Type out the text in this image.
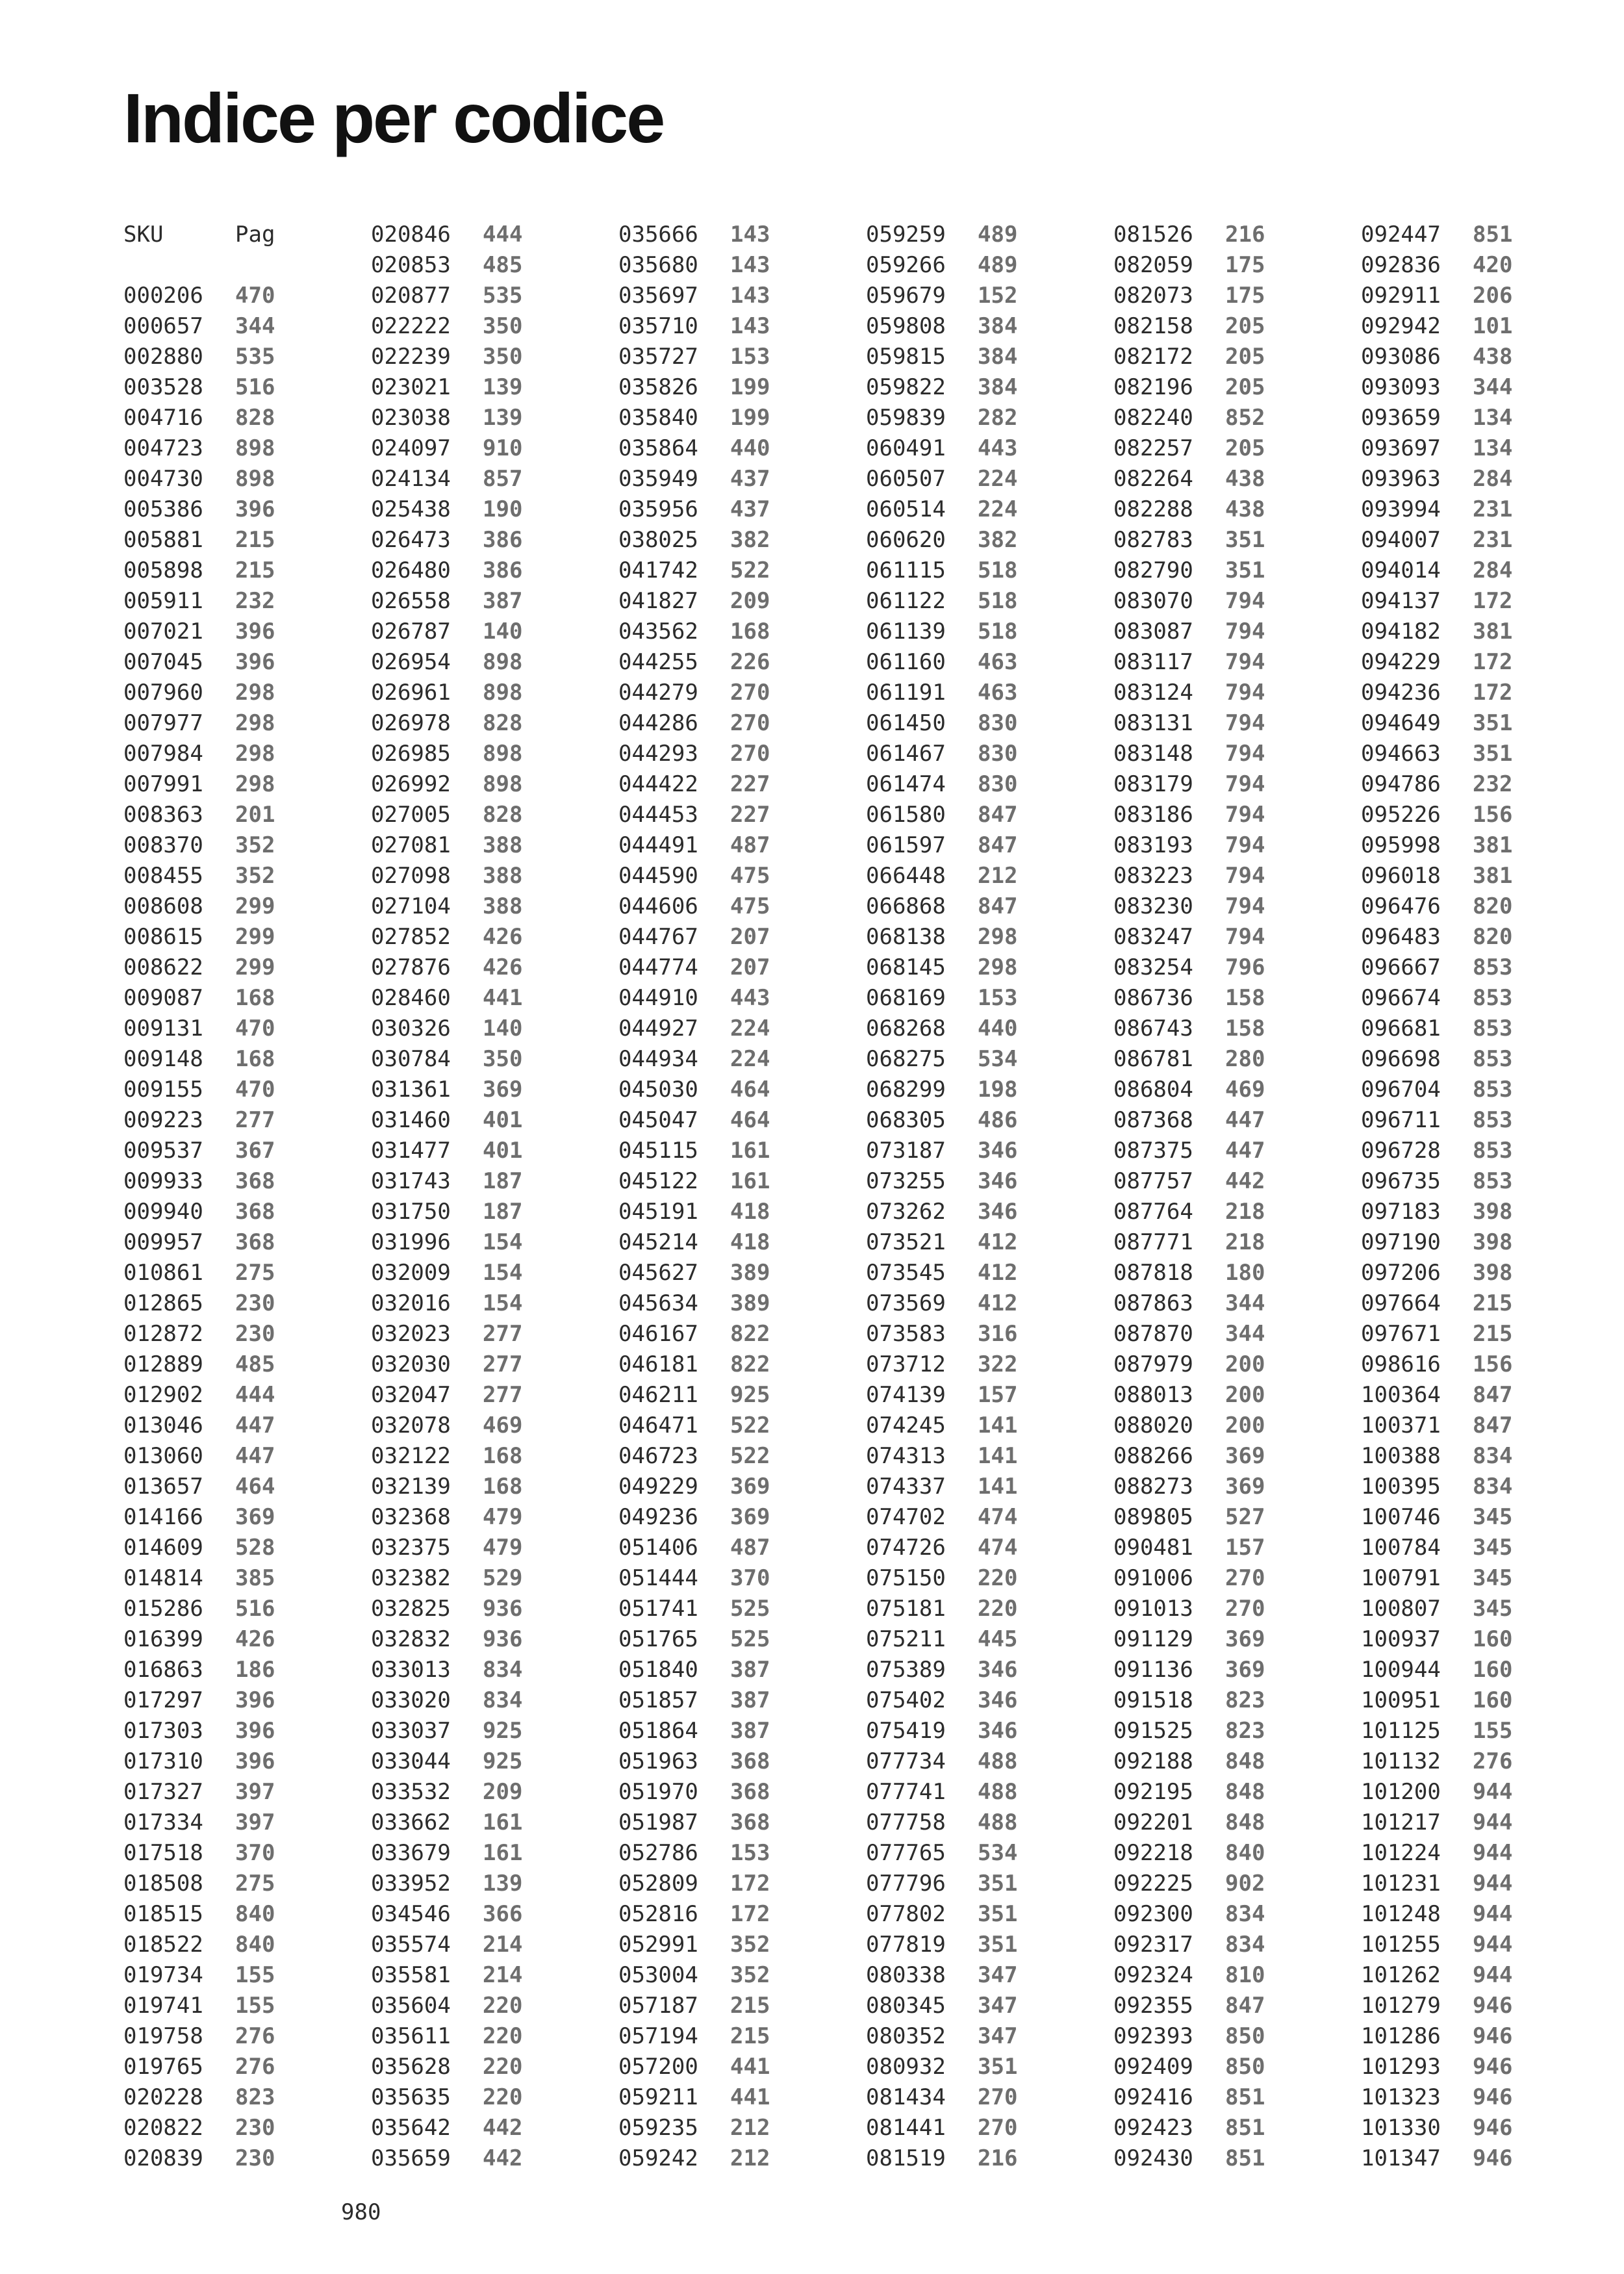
Indice per codice
SKU	Pag
000206	470
000657	344
002880	535
003528	516
004716	828
004723	898
004730	898
005386	396
005881	215
005898	215
005911	232
007021	396
007045	396
007960	298
007977	298
007984	298
007991	298
008363	201
008370	352
008455	352
008608	299
008615	299
008622	299
009087	168
009131	470
009148	168
009155	470
009223	277
009537	367
009933	368
009940	368
009957	368
010861	275
012865	230
012872	230
012889	485
012902	444
013046	447
013060	447
013657	464
014166	369
014609	528
014814	385
015286	516
016399	426
016863	186
017297	396
017303	396
017310	396
017327	397
017334	397
017518	370
018508	275
018515	840
018522	840
019734	155
019741	155
019758	276
019765	276
020228	823
020822	230
020839	230
020846	444
020853	485
020877	535
022222	350
022239	350
023021	139
023038	139
024097	910
024134	857
025438	190
026473	386
026480	386
026558	387
026787	140
026954	898
026961	898
026978	828
026985	898
026992	898
027005	828
027081	388
027098	388
027104	388
027852	426
027876	426
028460	441
030326	140
030784	350
031361	369
031460	401
031477	401
031743	187
031750	187
031996	154
032009	154
032016	154
032023	277
032030	277
032047	277
032078	469
032122	168
032139	168
032368	479
032375	479
032382	529
032825	936
032832	936
033013	834
033020	834
033037	925
033044	925
033532	209
033662	161
033679	161
033952	139
034546	366
035574	214
035581	214
035604	220
035611	220
035628	220
035635	220
035642	442
035659	442
035666	143
035680	143
035697	143
035710	143
035727	153
035826	199
035840	199
035864	440
035949	437
035956	437
038025	382
041742	522
041827	209
043562	168
044255	226
044279	270
044286	270
044293	270
044422	227
044453	227
044491	487
044590	475
044606	475
044767	207
044774	207
044910	443
044927	224
044934	224
045030	464
045047	464
045115	161
045122	161
045191	418
045214	418
045627	389
045634	389
046167	822
046181	822
046211	925
046471	522
046723	522
049229	369
049236	369
051406	487
051444	370
051741	525
051765	525
051840	387
051857	387
051864	387
051963	368
051970	368
051987	368
052786	153
052809	172
052816	172
052991	352
053004	352
057187	215
057194	215
057200	441
059211	441
059235	212
059242	212
059259	489
059266	489
059679	152
059808	384
059815	384
059822	384
059839	282
060491	443
060507	224
060514	224
060620	382
061115	518
061122	518
061139	518
061160	463
061191	463
061450	830
061467	830
061474	830
061580	847
061597	847
066448	212
066868	847
068138	298
068145	298
068169	153
068268	440
068275	534
068299	198
068305	486
073187	346
073255	346
073262	346
073521	412
073545	412
073569	412
073583	316
073712	322
074139	157
074245	141
074313	141
074337	141
074702	474
074726	474
075150	220
075181	220
075211	445
075389	346
075402	346
075419	346
077734	488
077741	488
077758	488
077765	534
077796	351
077802	351
077819	351
080338	347
080345	347
080352	347
080932	351
081434	270
081441	270
081519	216
081526	216
082059	175
082073	175
082158	205
082172	205
082196	205
082240	852
082257	205
082264	438
082288	438
082783	351
082790	351
083070	794
083087	794
083117	794
083124	794
083131	794
083148	794
083179	794
083186	794
083193	794
083223	794
083230	794
083247	794
083254	796
086736	158
086743	158
086781	280
086804	469
087368	447
087375	447
087757	442
087764	218
087771	218
087818	180
087863	344
087870	344
087979	200
088013	200
088020	200
088266	369
088273	369
089805	527
090481	157
091006	270
091013	270
091129	369
091136	369
091518	823
091525	823
092188	848
092195	848
092201	848
092218	840
092225	902
092300	834
092317	834
092324	810
092355	847
092393	850
092409	850
092416	851
092423	851
092430	851
092447	851
092836	420
092911	206
092942	101
093086	438
093093	344
093659	134
093697	134
093963	284
093994	231
094007	231
094014	284
094137	172
094182	381
094229	172
094236	172
094649	351
094663	351
094786	232
095226	156
095998	381
096018	381
096476	820
096483	820
096667	853
096674	853
096681	853
096698	853
096704	853
096711	853
096728	853
096735	853
097183	398
097190	398
097206	398
097664	215
097671	215
098616	156
100364	847
100371	847
100388	834
100395	834
100746	345
100784	345
100791	345
100807	345
100937	160
100944	160
100951	160
101125	155
101132	276
101200	944
101217	944
101224	944
101231	944
101248	944
101255	944
101262	944
101279	946
101286	946
101293	946
101323	946
101330	946
101347	946
980
